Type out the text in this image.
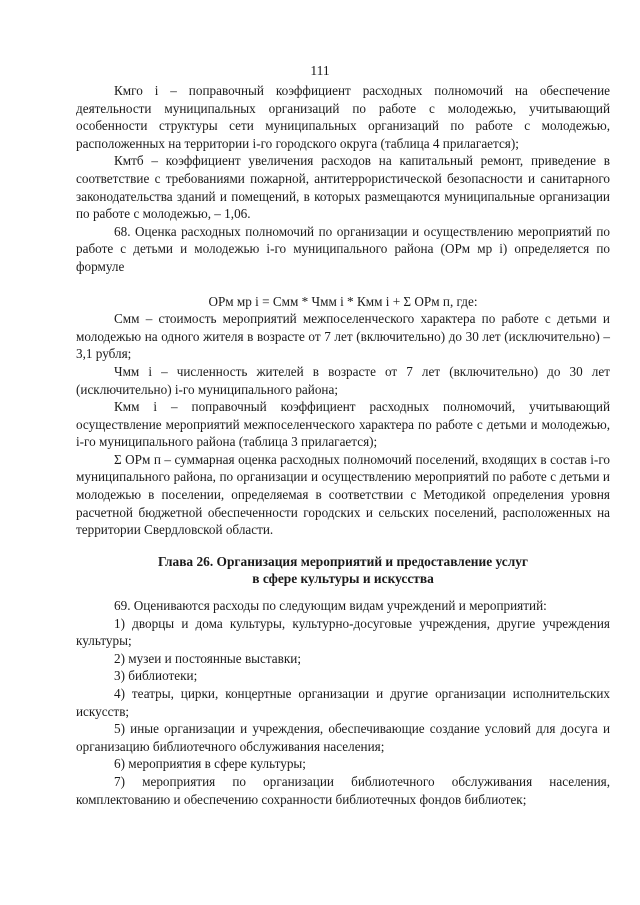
111

Кмго i – поправочный коэффициент расходных полномочий на обеспечение деятельности муниципальных организаций по работе с молодежью, учитывающий особенности структуры сети муниципальных организаций по работе с молодежью, расположенных на территории i-го городского округа (таблица 4 прилагается);

Кмтб – коэффициент увеличения расходов на капитальный ремонт, приведение в соответствие с требованиями пожарной, антитеррористической безопасности и санитарного законодательства зданий и помещений, в которых размещаются муниципальные организации по работе с молодежью, – 1,06.

68. Оценка расходных полномочий по организации и осуществлению мероприятий по работе с детьми и молодежью i-го муниципального района (ОРм мр i) определяется по формуле

ОРм мр i = Смм * Чмм i * Кмм i + Σ ОРм п, где:

Смм – стоимость мероприятий межпоселенческого характера по работе с детьми и молодежью на одного жителя в возрасте от 7 лет (включительно) до 30 лет (исключительно) – 3,1 рубля;

Чмм i – численность жителей в возрасте от 7 лет (включительно) до 30 лет (исключительно) i-го муниципального района;

Кмм i – поправочный коэффициент расходных полномочий, учитывающий осуществление мероприятий межпоселенческого характера по работе с детьми и молодежью, i-го муниципального района (таблица 3 прилагается);

Σ ОРм п – суммарная оценка расходных полномочий поселений, входящих в состав i-го муниципального района, по организации и осуществлению мероприятий по работе с детьми и молодежью в поселении, определяемая в соответствии с Методикой определения уровня расчетной бюджетной обеспеченности городских и сельских поселений, расположенных на территории Свердловской области.

Глава 26. Организация мероприятий и предоставление услуг

в сфере культуры и искусства

69. Оцениваются расходы по следующим видам учреждений и мероприятий:

1) дворцы и дома культуры, культурно-досуговые учреждения, другие учреждения культуры;

2) музеи и постоянные выставки;

3) библиотеки;

4) театры, цирки, концертные организации и другие организации исполнительских искусств;

5) иные организации и учреждения, обеспечивающие создание условий для досуга и организацию библиотечного обслуживания населения;

6) мероприятия в сфере культуры;

7) мероприятия по организации библиотечного обслуживания населения, комплектованию и обеспечению сохранности библиотечных фондов библиотек;
